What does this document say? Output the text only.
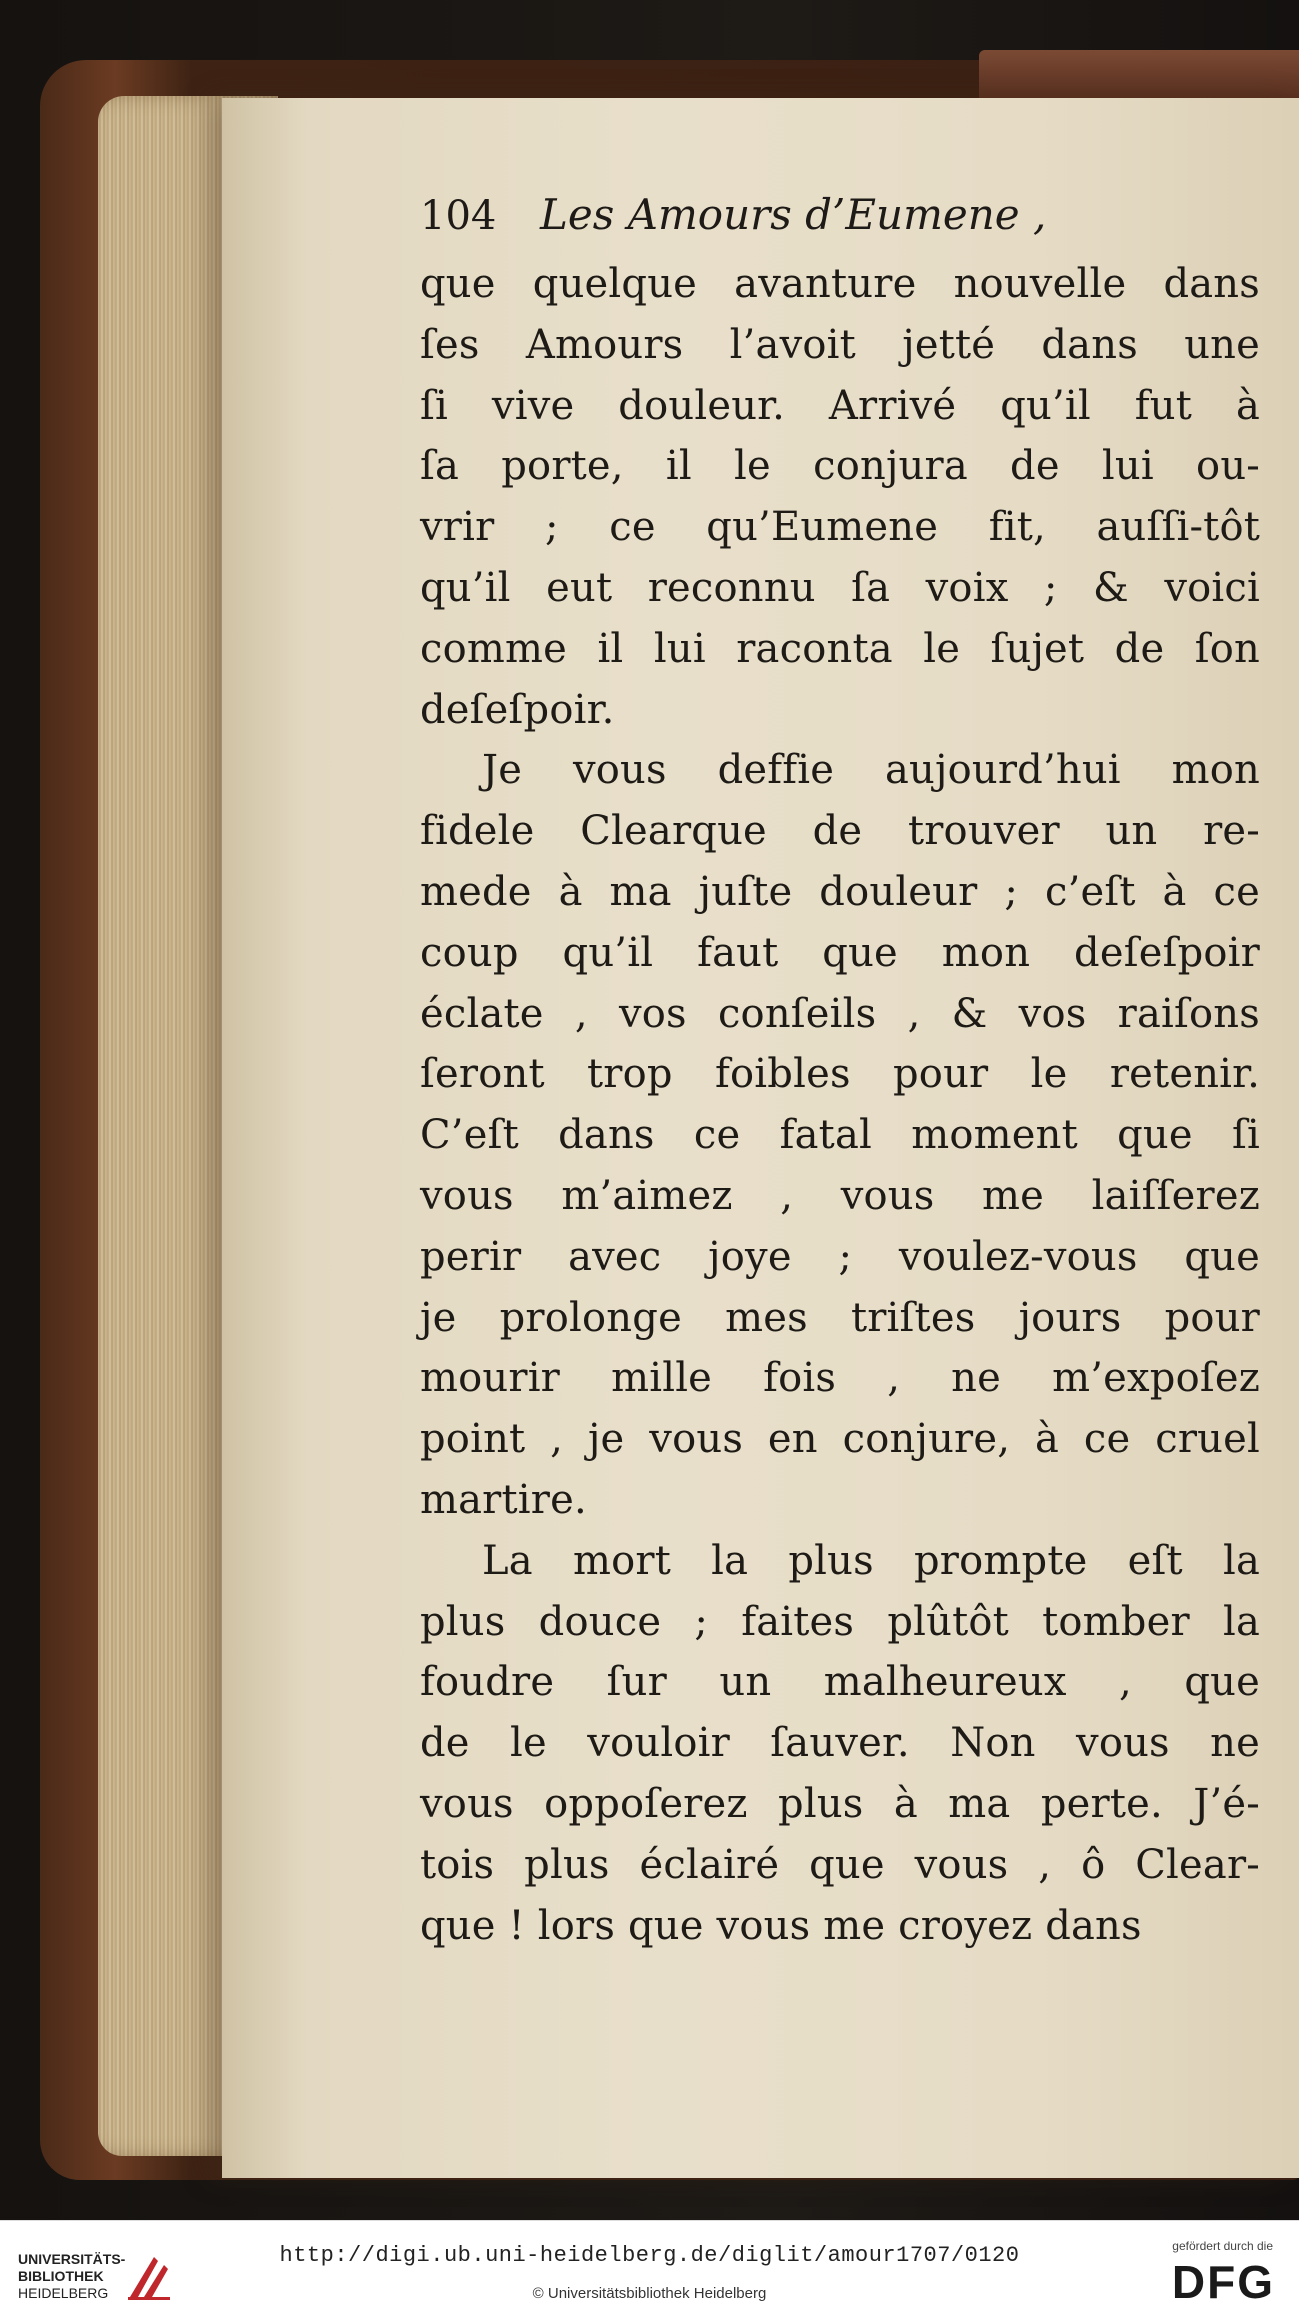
104	Les Amours d’Eumene ,
que quelque avanture nouvelle dans
ſes Amours l’avoit jetté dans une
ſi vive douleur. Arrivé qu’il fut à
ſa porte, il le conjura de lui ou-
vrir ; ce qu’Eumene fit, auſſi-tôt
qu’il eut reconnu ſa voix ; & voici
comme il lui raconta le ſujet de ſon
deſeſpoir.
Je vous deffie aujourd’hui mon
fidele Clearque de trouver un re-
mede à ma juſte douleur ; c’eſt à ce
coup qu’il faut que mon deſeſpoir
éclate , vos conſeils , & vos raiſons
ſeront trop foibles pour le retenir.
C’eſt dans ce fatal moment que ſi
vous m’aimez , vous me laiſſerez
perir avec joye ; voulez-vous que
je prolonge mes triſtes jours pour
mourir mille fois , ne m’expoſez
point , je vous en conjure, à ce cruel
martire.
La mort la plus prompte eſt la
plus douce ; faites plûtôt tomber la
foudre ſur un malheureux , que
de le vouloir ſauver. Non vous ne
vous oppoſerez plus à ma perte. J’é-
tois plus éclairé que vous , ô Clear-
que ! lors que vous me croyez dans
UNIVERSITÄTS-
BIBLIOTHEK
HEIDELBERG
http://digi.ub.uni-heidelberg.de/diglit/amour1707/0120
© Universitätsbibliothek Heidelberg
gefördert durch die
DFG
